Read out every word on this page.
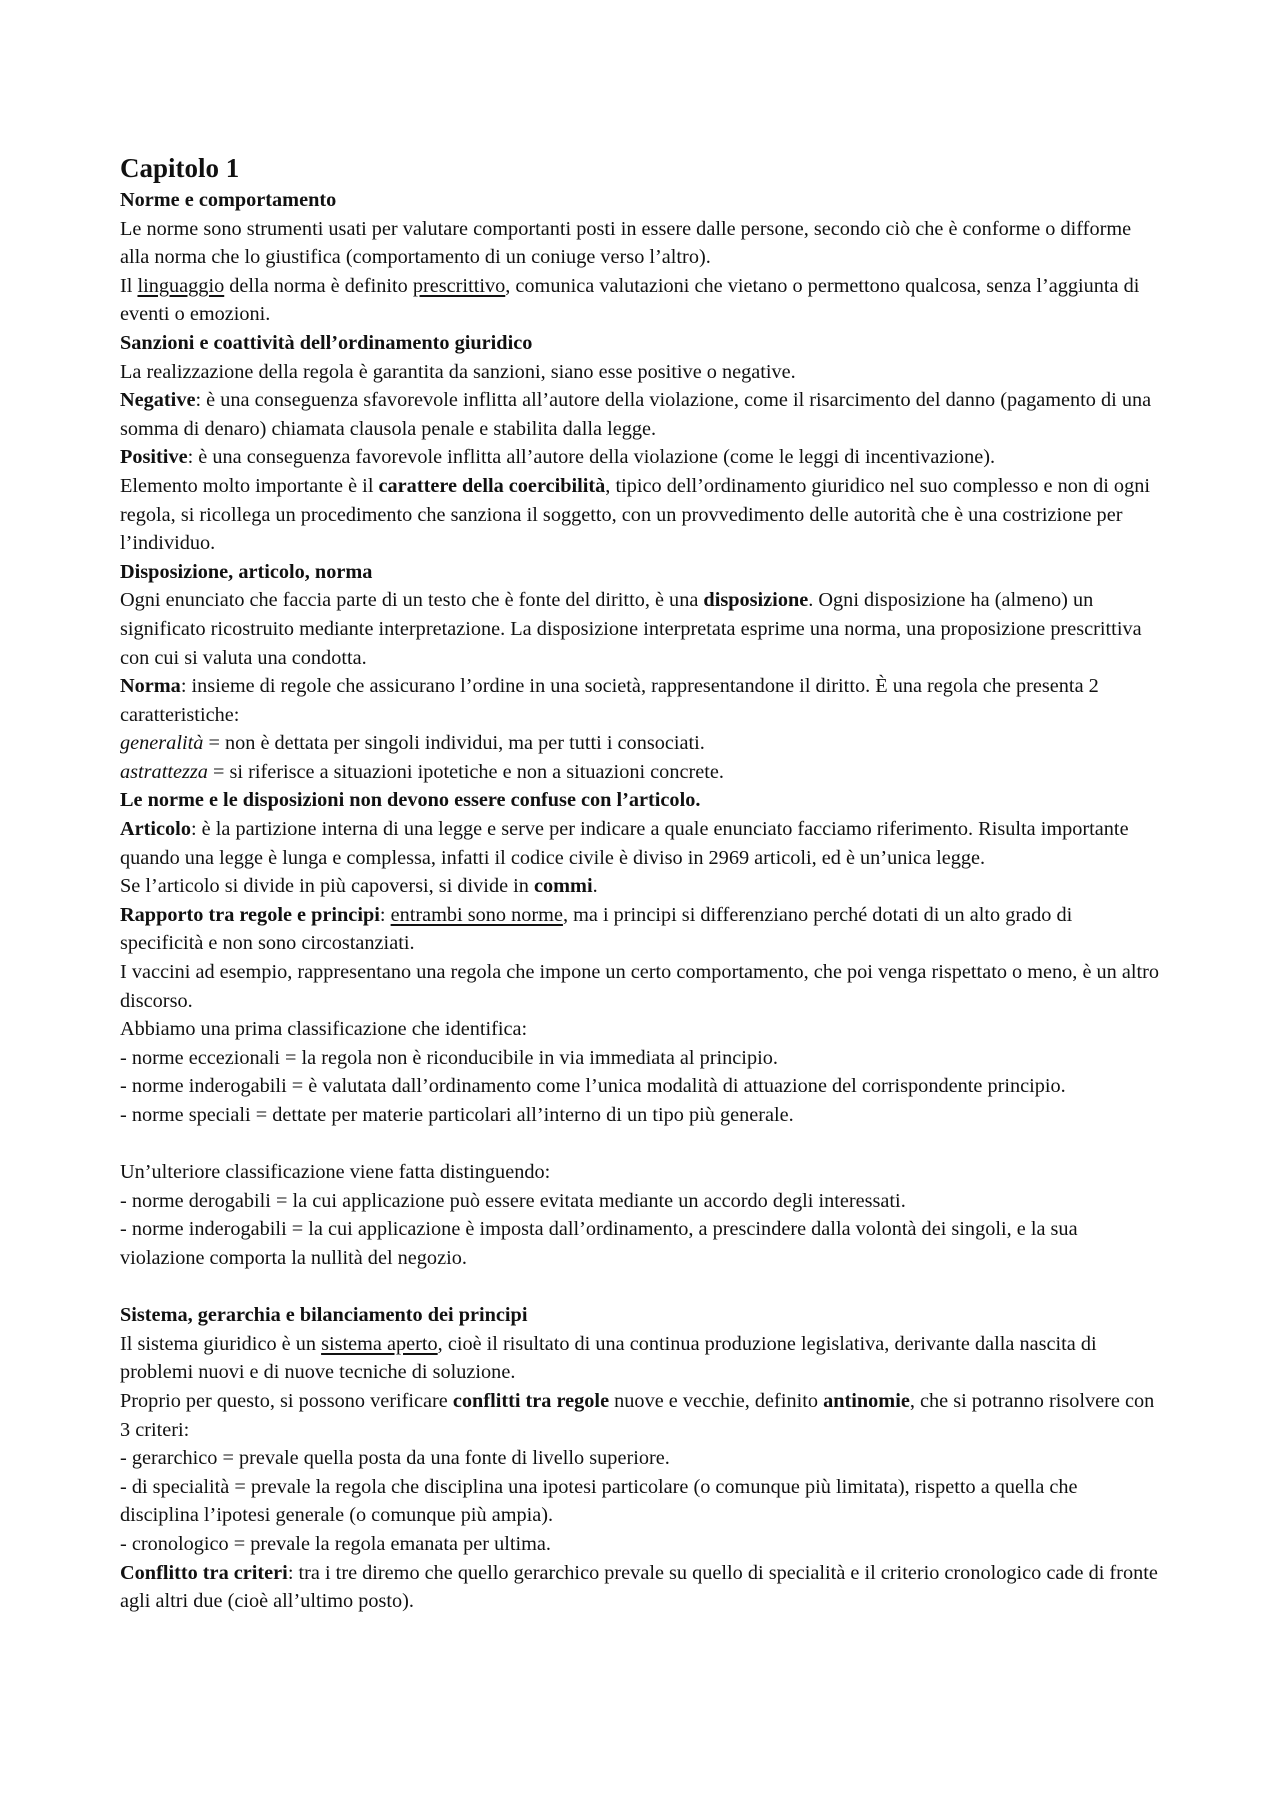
Capitolo 1

Norme e comportamento

Le norme sono strumenti usati per valutare comportanti posti in essere dalle persone, secondo ciò che è conforme o difforme alla norma che lo giustifica (comportamento di un coniuge verso l’altro).

Il linguaggio della norma è definito prescrittivo, comunica valutazioni che vietano o permettono qualcosa, senza l’aggiunta di eventi o emozioni.

Sanzioni e coattività dell’ordinamento giuridico

La realizzazione della regola è garantita da sanzioni, siano esse positive o negative.

Negative: è una conseguenza sfavorevole inflitta all’autore della violazione, come il risarcimento del danno (pagamento di una somma di denaro) chiamata clausola penale e stabilita dalla legge.

Positive: è una conseguenza favorevole inflitta all’autore della violazione (come le leggi di incentivazione).

Elemento molto importante è il carattere della coercibilità, tipico dell’ordinamento giuridico nel suo complesso e non di ogni regola, si ricollega un procedimento che sanziona il soggetto, con un provvedimento delle autorità che è una costrizione per l’individuo.

Disposizione, articolo, norma

Ogni enunciato che faccia parte di un testo che è fonte del diritto, è una disposizione. Ogni disposizione ha (almeno) un significato ricostruito mediante interpretazione. La disposizione interpretata esprime una norma, una proposizione prescrittiva con cui si valuta una condotta.

Norma: insieme di regole che assicurano l’ordine in una società, rappresentandone il diritto. È una regola che presenta 2 caratteristiche:

generalità = non è dettata per singoli individui, ma per tutti i consociati.

astrattezza = si riferisce a situazioni ipotetiche e non a situazioni concrete.

Le norme e le disposizioni non devono essere confuse con l’articolo.

Articolo: è la partizione interna di una legge e serve per indicare a quale enunciato facciamo riferimento. Risulta importante quando una legge è lunga e complessa, infatti il codice civile è diviso in 2969 articoli, ed è un’unica legge.

Se l’articolo si divide in più capoversi, si divide in commi.

Rapporto tra regole e principi: entrambi sono norme, ma i principi si differenziano perché dotati di un alto grado di specificità e non sono circostanziati.

I vaccini ad esempio, rappresentano una regola che impone un certo comportamento, che poi venga rispettato o meno, è un altro discorso.

Abbiamo una prima classificazione che identifica:

- norme eccezionali = la regola non è riconducibile in via immediata al principio.

- norme inderogabili = è valutata dall’ordinamento come l’unica modalità di attuazione del corrispondente principio.

- norme speciali = dettate per materie particolari all’interno di un tipo più generale.

Un’ulteriore classificazione viene fatta distinguendo:

- norme derogabili = la cui applicazione può essere evitata mediante un accordo degli interessati.

- norme inderogabili = la cui applicazione è imposta dall’ordinamento, a prescindere dalla volontà dei singoli, e la sua violazione comporta la nullità del negozio.

Sistema, gerarchia e bilanciamento dei principi

Il sistema giuridico è un sistema aperto, cioè il risultato di una continua produzione legislativa, derivante dalla nascita di problemi nuovi e di nuove tecniche di soluzione.

Proprio per questo, si possono verificare conflitti tra regole nuove e vecchie, definito antinomie, che si potranno risolvere con 3 criteri:

- gerarchico = prevale quella posta da una fonte di livello superiore.

- di specialità = prevale la regola che disciplina una ipotesi particolare (o comunque più limitata), rispetto a quella che disciplina l’ipotesi generale (o comunque più ampia).

- cronologico = prevale la regola emanata per ultima.

Conflitto tra criteri: tra i tre diremo che quello gerarchico prevale su quello di specialità e il criterio cronologico cade di fronte agli altri due (cioè all’ultimo posto).
